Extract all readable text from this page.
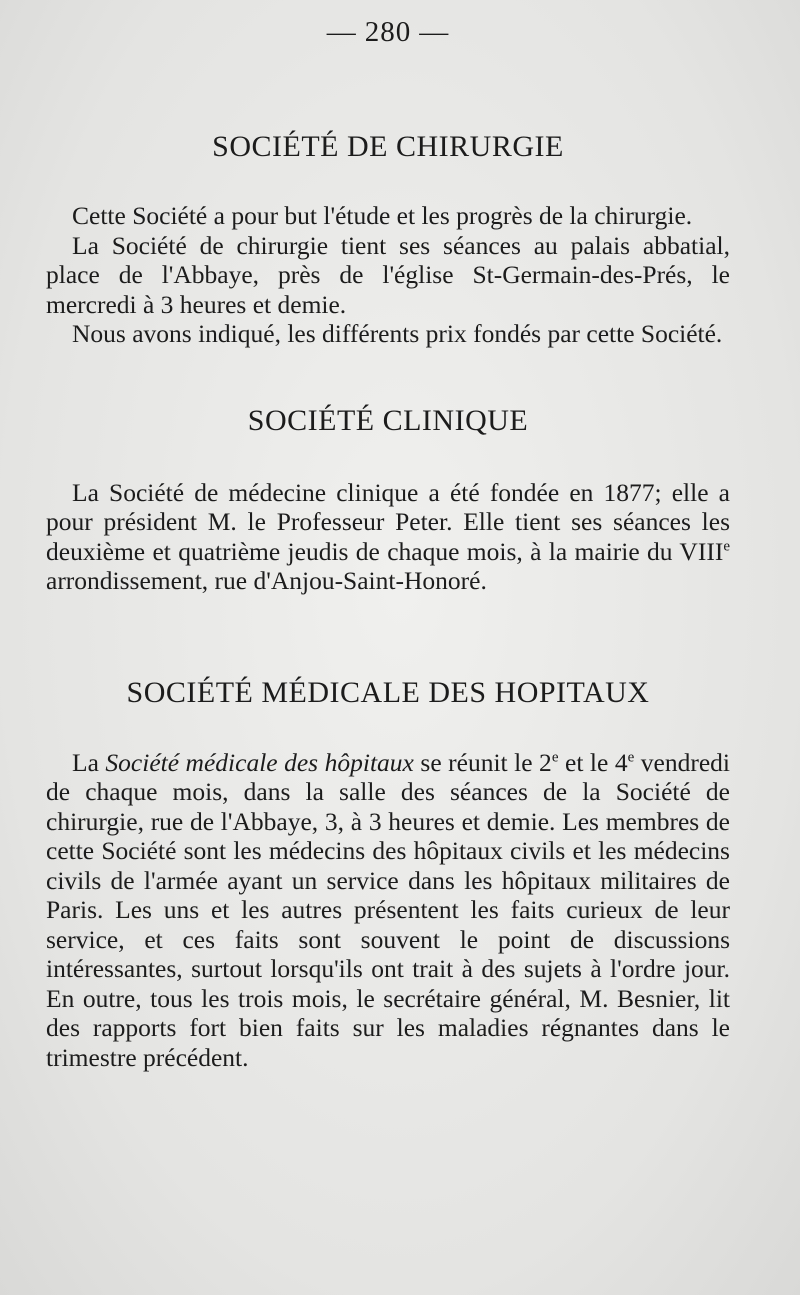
— 280 —
SOCIÉTÉ DE CHIRURGIE

Cette Société a pour but l'étude et les progrès de la chirurgie.

La Société de chirurgie tient ses séances au palais abbatial, place de l'Abbaye, près de l'église St-Germain-des-Prés, le mercredi à 3 heures et demie.

Nous avons indiqué, les différents prix fondés par cette Société.

SOCIÉTÉ CLINIQUE

La Société de médecine clinique a été fondée en 1877; elle a pour président M. le Professeur Peter. Elle tient ses séances les deuxième et quatrième jeudis de chaque mois, à la mairie du VIIIe arrondissement, rue d'Anjou-Saint-Honoré.

SOCIÉTÉ MÉDICALE DES HOPITAUX

La Société médicale des hôpitaux se réunit le 2e et le 4e vendredi de chaque mois, dans la salle des séances de la Société de chirurgie, rue de l'Abbaye, 3, à 3 heures et demie. Les membres de cette Société sont les médecins des hôpitaux civils et les médecins civils de l'armée ayant un service dans les hôpitaux militaires de Paris. Les uns et les autres présentent les faits curieux de leur service, et ces faits sont souvent le point de discussions intéressantes, surtout lorsqu'ils ont trait à des sujets à l'ordre jour. En outre, tous les trois mois, le secrétaire général, M. Besnier, lit des rapports fort bien faits sur les maladies régnantes dans le trimestre précédent.
